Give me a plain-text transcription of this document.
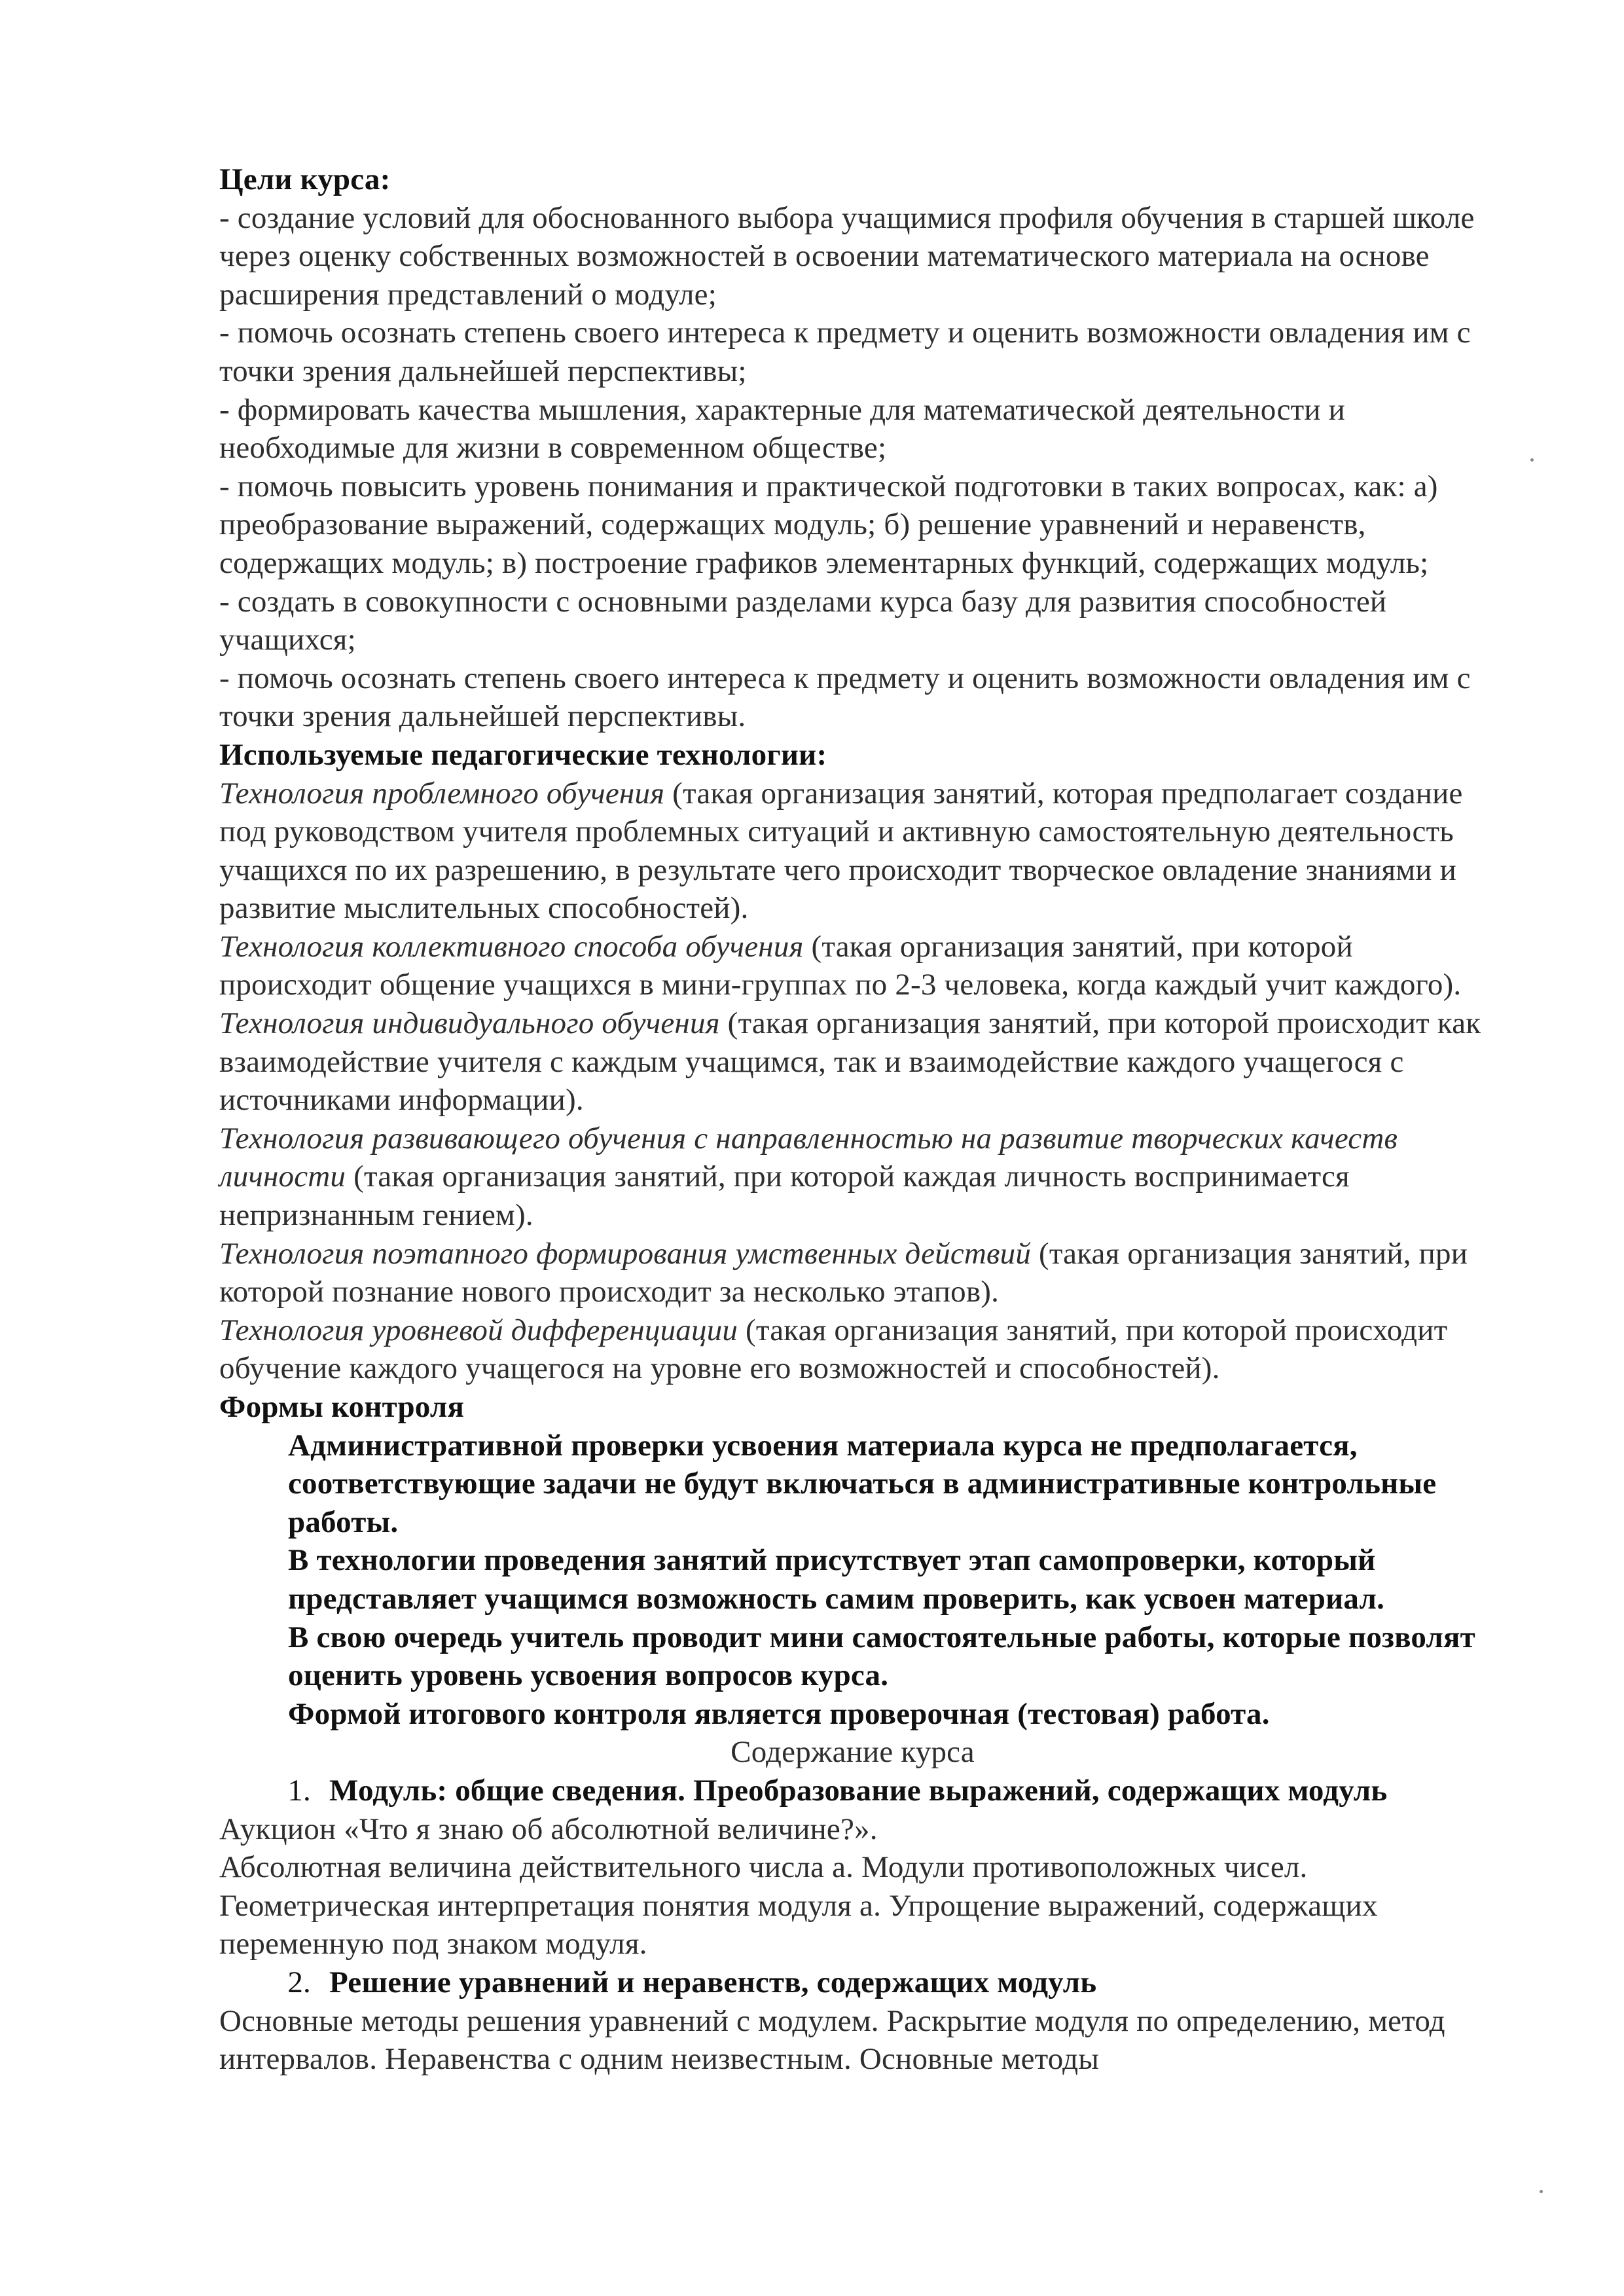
Цели курса:

- создание условий для обоснованного выбора учащимися профиля обучения в старшей школе через оценку собственных возможностей в освоении математического материала на основе расширения представлений о модуле;

- помочь осознать степень своего интереса к предмету и оценить возможности овладения им с точки зрения дальнейшей перспективы;

- формировать качества мышления, характерные для математической деятельности и необходимые для жизни в современном обществе;

- помочь повысить уровень понимания и практической подготовки в таких вопросах, как: а) преобразование выражений, содержащих модуль; б) решение уравнений и неравенств, содержащих модуль; в) построение графиков элементарных функций, содержащих модуль;

- создать в совокупности с основными разделами курса базу для развития способностей учащихся;

- помочь осознать степень своего интереса к предмету и оценить возможности овладения им с точки зрения дальнейшей перспективы.

Используемые педагогические технологии:

Технология проблемного обучения (такая организация занятий, которая предполагает создание под руководством учителя проблемных ситуаций и активную самостоятельную деятельность учащихся по их разрешению, в результате чего происходит творческое овладение знаниями и развитие мыслительных способностей).

Технология коллективного способа обучения (такая организация занятий, при которой происходит общение учащихся в мини-группах по 2-3 человека, когда каждый учит каждого).

Технология индивидуального обучения (такая организация занятий, при которой происходит как взаимодействие учителя с каждым учащимся, так и взаимодействие каждого учащегося с источниками информации).

Технология развивающего обучения с направленностью на развитие творческих качеств личности (такая организация занятий, при которой каждая личность воспринимается непризнанным гением).

Технология поэтапного формирования умственных действий (такая организация занятий, при которой познание нового происходит за несколько этапов).

Технология уровневой дифференциации (такая организация занятий, при которой происходит обучение каждого учащегося на уровне его возможностей и способностей).

Формы контроля

Административной проверки усвоения материала курса не предполагается, соответствующие задачи не будут включаться в административные контрольные работы.

В технологии проведения занятий присутствует этап самопроверки, который представляет учащимся возможность самим проверить, как усвоен материал.

В свою очередь учитель проводит мини самостоятельные работы, которые позволят оценить уровень усвоения вопросов курса.

Формой итогового контроля является проверочная (тестовая) работа.

Содержание курса

1. Модуль: общие сведения. Преобразование выражений, содержащих модуль

Аукцион «Что я знаю об абсолютной величине?».

Абсолютная величина действительного числа а. Модули противоположных чисел. Геометрическая интерпретация понятия модуля а. Упрощение выражений, содержащих переменную под знаком модуля.

2. Решение уравнений и неравенств, содержащих модуль

Основные методы решения уравнений с модулем. Раскрытие модуля по определению, метод интервалов. Неравенства с одним неизвестным. Основные методы
